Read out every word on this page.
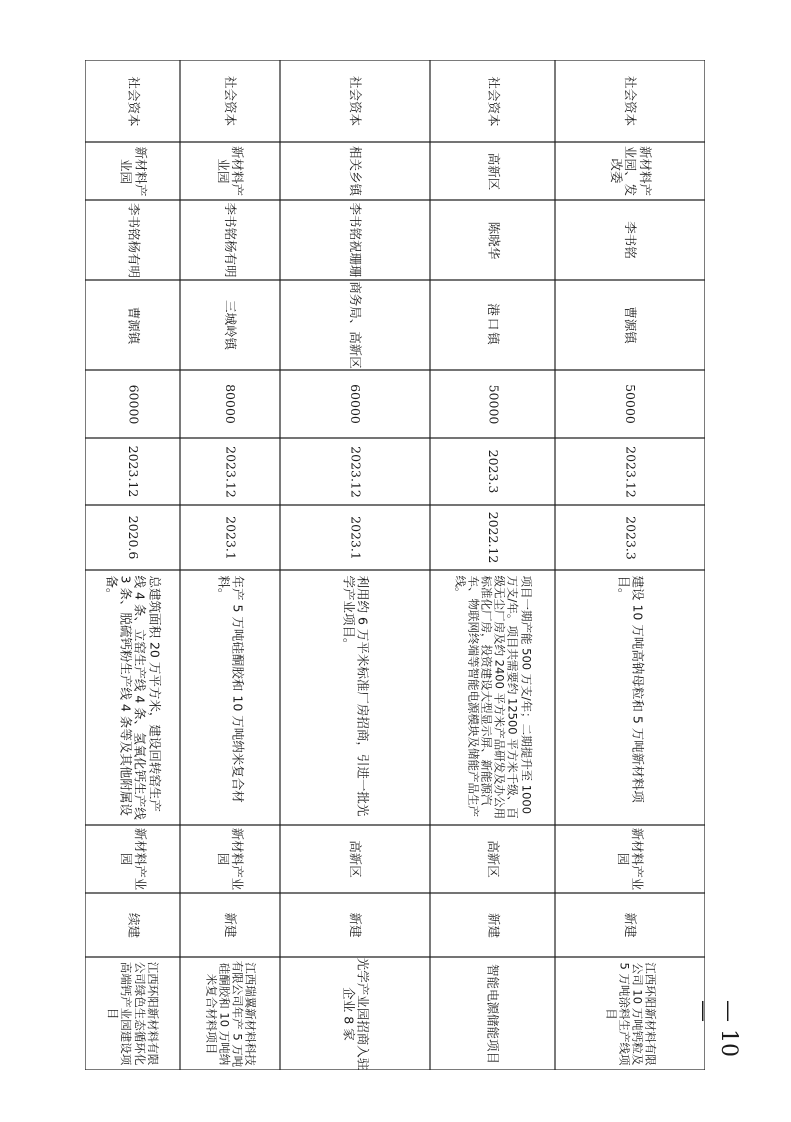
社会资本
新材料产业园
李书铭杨有明
曹源镇
60000
2023.12
2020.6
总建筑面积 20 万平方米，建设回转窑生产线 4 条、立窑生产线 4 条、氢氧化钙生产线 3 条、脱硫钙粉生产线 4 条等及其他附属设备。
新材料产业园
续建
江西环阳新材料有限公司绿色生态循环化高端钙产业园建设项目
社会资本
新材料产业园
李书铭杨有明
三城岭镇
80000
2023.12
2023.1
年产 5 万吨硅酮胶和 10 万吨纳米复合材料。
新材料产业园
新建
江西瑞翼新材料科技有限公司年产 5 万吨硅酮胶和 10 万吨纳米复合材料项目
社会资本
相关乡镇
李书铭祝珊珊
商务局、高新区
60000
2023.12
2023.1
利用约 6 万平米标准厂房招商，引进一批光学产业项目。
高新区
新建
光学产业园招商入驻企业 8 家
社会资本
高新区
陈晓华
港口镇
50000
2023.3
2022.12
项目一期产能 500 万支/年；二期提升至 1000 万支/年。项目共需要约 12500 平方米千级、百级无尘厂房及约 2400 平方米产品研发及办公用标准化厂房，投资建设大型显示屏、新能源汽车、物联网终端等智能电源模块及储能产品生产线。
高新区
新建
智能电源储能项目
社会资本
新材料产业园、发改委
李书铭
曹源镇
50000
2023.12
2023.3
建设 10 万吨高钠母粒和 5 万吨新材料项目。
新材料产业园
新建
江西环阳新材料有限公司 10 万吨钙粒及 5 万吨涂料生产线项目	— 10 —
